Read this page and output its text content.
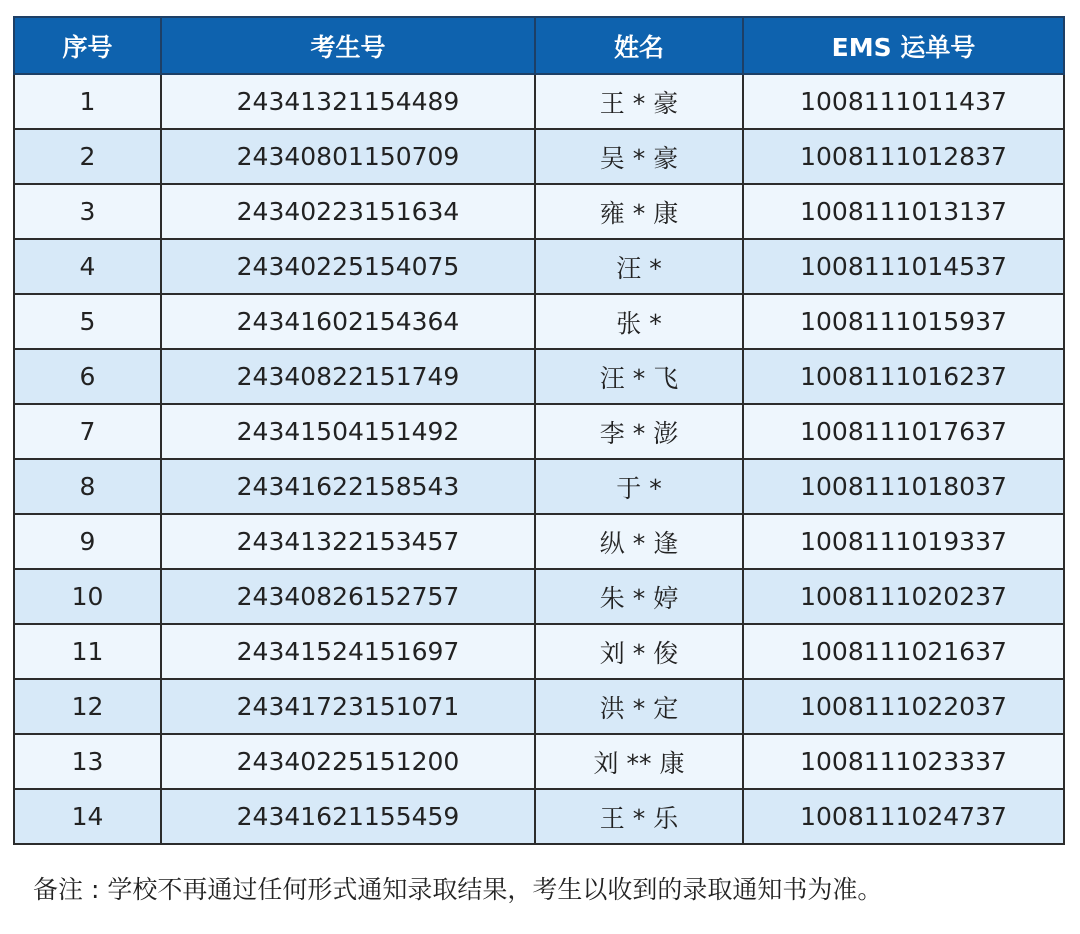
序号	考生号	姓名	EMS 运单号
1	24341321154489	王 * 豪	1008111011437
2	24340801150709	吴 * 豪	1008111012837
3	24340223151634	雍 * 康	1008111013137
4	24340225154075	汪 *	1008111014537
5	24341602154364	张 *	1008111015937
6	24340822151749	汪 * 飞	1008111016237
7	24341504151492	李 * 澎	1008111017637
8	24341622158543	于 *	1008111018037
9	24341322153457	纵 * 逢	1008111019337
10	24340826152757	朱 * 婷	1008111020237
11	24341524151697	刘 * 俊	1008111021637
12	24341723151071	洪 * 定	1008111022037
13	24340225151200	刘 ** 康	1008111023337
14	24341621155459	王 * 乐	1008111024737
备注 : 学校不再通过任何形式通知录取结果，考生以收到的录取通知书为准。
